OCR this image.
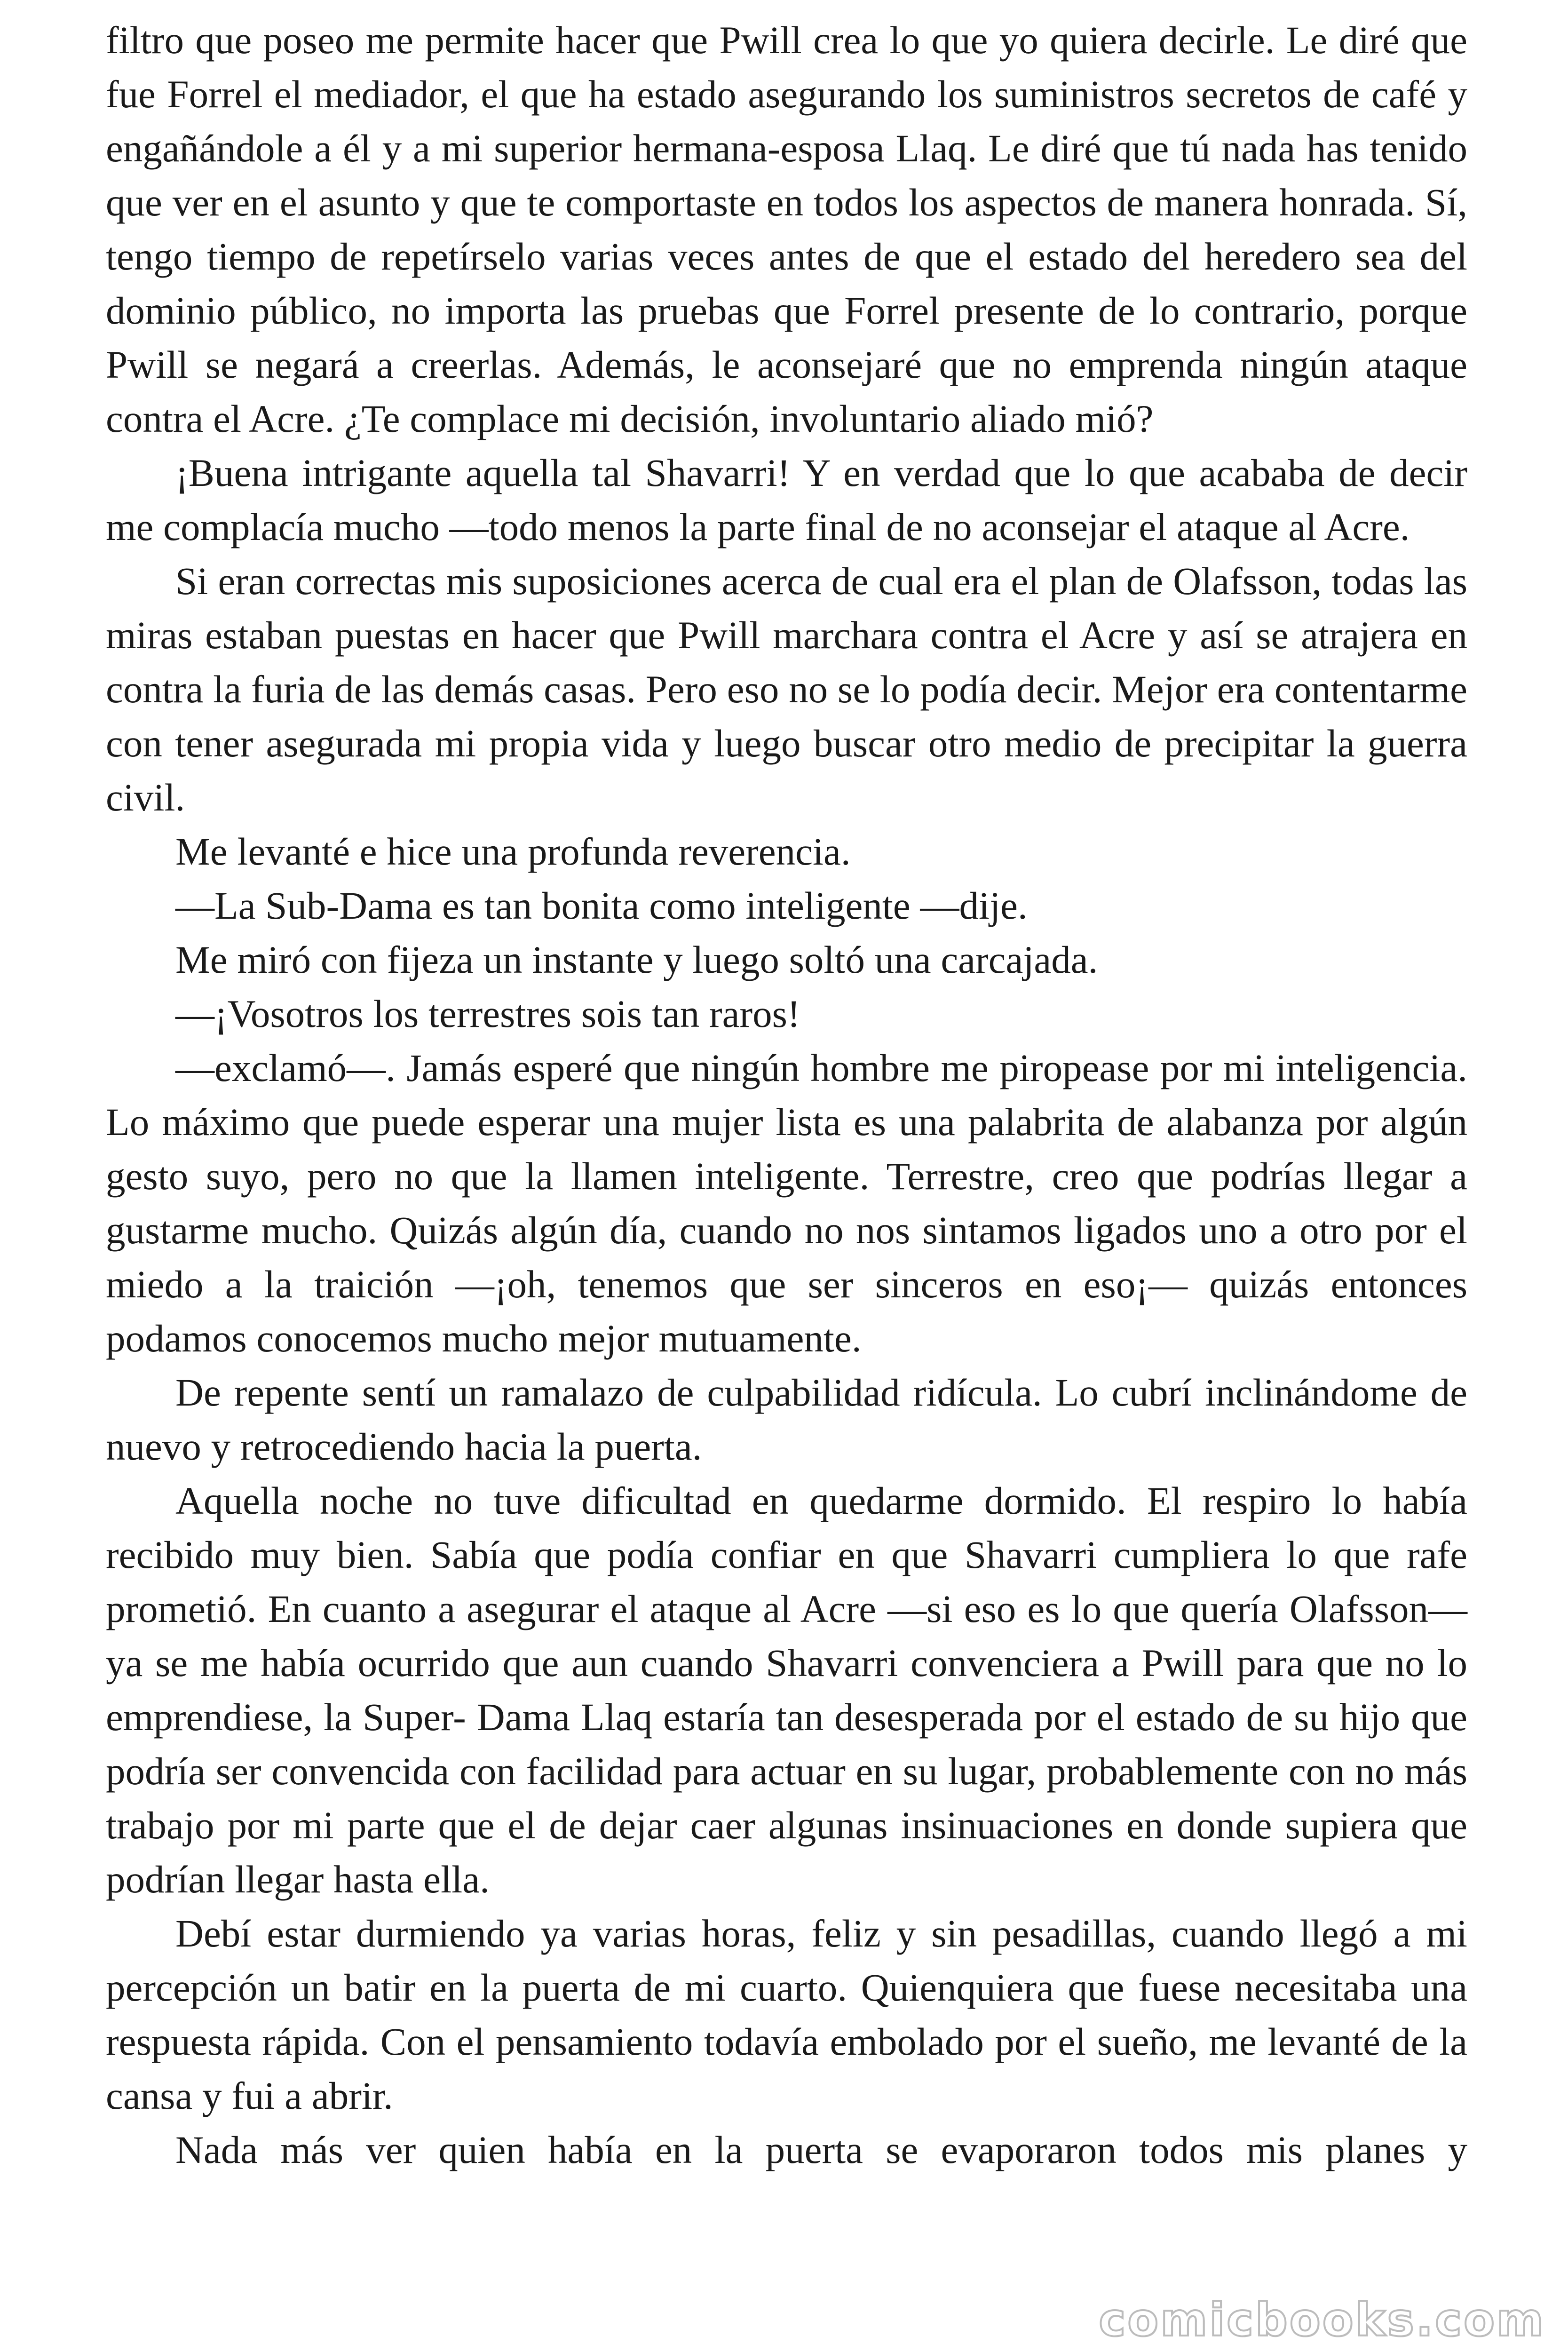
filtro que poseo me permite hacer que Pwill crea lo que yo quiera decirle. Le diré que fue Forrel el mediador, el que ha estado asegurando los suministros secretos de café y engañándole a él y a mi superior hermana-esposa Llaq. Le diré que tú nada has tenido que ver en el asunto y que te comportaste en todos los aspectos de manera honrada. Sí, tengo tiempo de repetírselo varias veces antes de que el estado del heredero sea del dominio público, no importa las pruebas que Forrel presente de lo contrario, porque Pwill se negará a creerlas. Además, le aconsejaré que no emprenda ningún ataque contra el Acre. ¿Te complace mi decisión, involuntario aliado mió?

¡Buena intrigante aquella tal Shavarri! Y en verdad que lo que acababa de decir me complacía mucho —todo menos la parte final de no aconsejar el ataque al Acre.

Si eran correctas mis suposiciones acerca de cual era el plan de Olafsson, todas las miras estaban puestas en hacer que Pwill marchara contra el Acre y así se atrajera en contra la furia de las demás casas. Pero eso no se lo podía decir. Mejor era contentarme con tener asegurada mi propia vida y luego buscar otro medio de precipitar la guerra civil.

Me levanté e hice una profunda reverencia.

—La Sub-Dama es tan bonita como inteligente —dije.

Me miró con fijeza un instante y luego soltó una carcajada.

—¡Vosotros los terrestres sois tan raros!

—exclamó—. Jamás esperé que ningún hombre me piropease por mi inteligencia. Lo máximo que puede esperar una mujer lista es una palabrita de alabanza por algún gesto suyo, pero no que la llamen inteligente. Terrestre, creo que podrías llegar a gustarme mucho. Quizás algún día, cuando no nos sintamos ligados uno a otro por el miedo a la traición —¡oh, tenemos que ser sinceros en eso¡— quizás entonces podamos conocemos mucho mejor mutuamente.

De repente sentí un ramalazo de culpabilidad ridícula. Lo cubrí inclinándome de nuevo y retrocediendo hacia la puerta.

Aquella noche no tuve dificultad en quedarme dormido. El respiro lo había recibido muy bien. Sabía que podía confiar en que Shavarri cumpliera lo que rafe prometió. En cuanto a asegurar el ataque al Acre —si eso es lo que quería Olafsson—ya se me había ocurrido que aun cuando Shavarri convenciera a Pwill para que no lo emprendiese, la Super- Dama Llaq estaría tan desesperada por el estado de su hijo que podría ser convencida con facilidad para actuar en su lugar, probablemente con no más trabajo por mi parte que el de dejar caer algunas insinuaciones en donde supiera que podrían llegar hasta ella.

Debí estar durmiendo ya varias horas, feliz y sin pesadillas, cuando llegó a mi percepción un batir en la puerta de mi cuarto. Quienquiera que fuese necesitaba una respuesta rápida. Con el pensamiento todavía embolado por el sueño, me levanté de la cansa y fui a abrir.

Nada más ver quien había en la puerta se evaporaron todos mis planes y

comicbooks.com
